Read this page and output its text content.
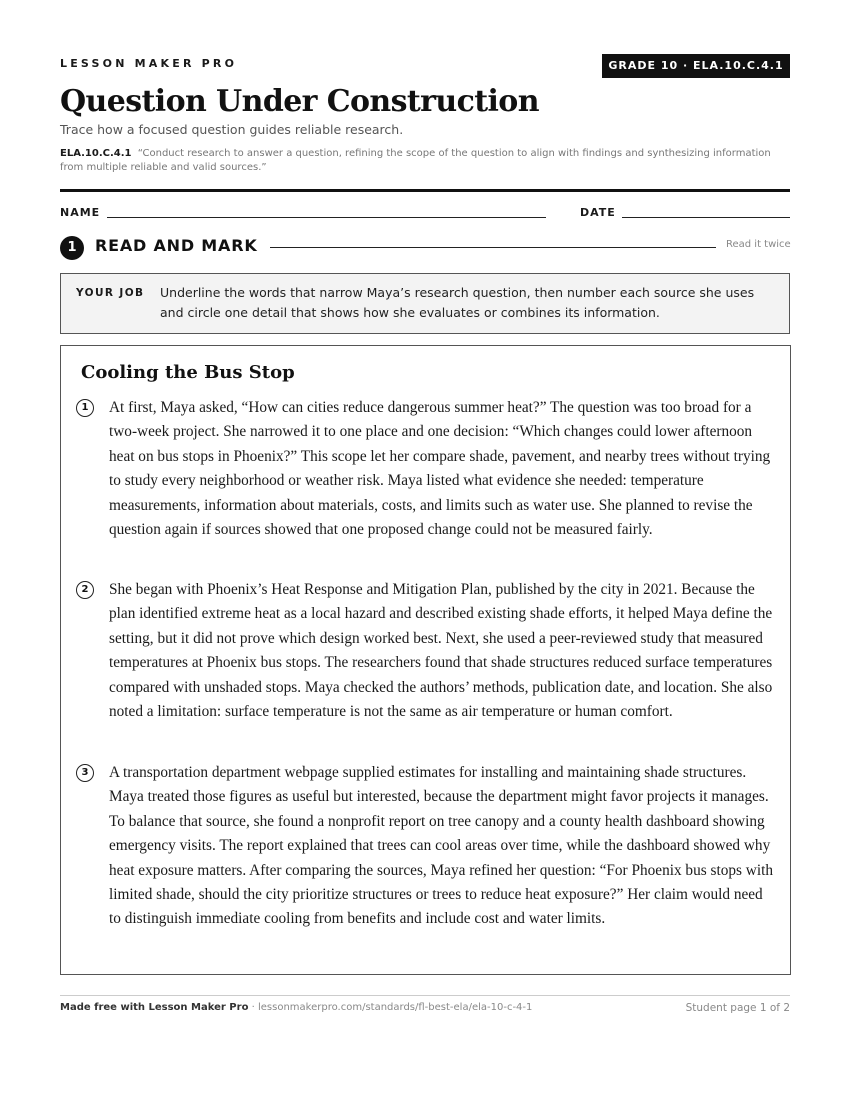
LESSON MAKER PRO	GRADE 10 · ELA.10.C.4.1
Question Under Construction
Trace how a focused question guides reliable research.
ELA.10.C.4.1 “Conduct research to answer a question, refining the scope of the question to align with findings and synthesizing information from multiple reliable and valid sources.”
NAME	DATE
1	READ AND MARK	Read it twice
YOUR JOB Underline the words that narrow Maya’s research question, then number each source she uses and circle one detail that shows how she evaluates or combines its information.
Cooling the Bus Stop
1	At first, Maya asked, “How can cities reduce dangerous summer heat?” The question was too broad for a two-week project. She narrowed it to one place and one decision: “Which changes could lower afternoon heat on bus stops in Phoenix?” This scope let her compare shade, pavement, and nearby trees without trying to study every neighborhood or weather risk. Maya listed what evidence she needed: temperature measurements, information about materials, costs, and limits such as water use. She planned to revise the question again if sources showed that one proposed change could not be measured fairly.
2	She began with Phoenix’s Heat Response and Mitigation Plan, published by the city in 2021. Because the plan identified extreme heat as a local hazard and described existing shade efforts, it helped Maya define the setting, but it did not prove which design worked best. Next, she used a peer-reviewed study that measured temperatures at Phoenix bus stops. The researchers found that shade structures reduced surface temperatures compared with unshaded stops. Maya checked the authors’ methods, publication date, and location. She also noted a limitation: surface temperature is not the same as air temperature or human comfort.
3	A transportation department webpage supplied estimates for installing and maintaining shade structures. Maya treated those figures as useful but interested, because the department might favor projects it manages. To balance that source, she found a nonprofit report on tree canopy and a county health dashboard showing emergency visits. The report explained that trees can cool areas over time, while the dashboard showed why heat exposure matters. After comparing the sources, Maya refined her question: “For Phoenix bus stops with limited shade, should the city prioritize structures or trees to reduce heat exposure?” Her claim would need to distinguish immediate cooling from benefits and include cost and water limits.
Made free with Lesson Maker Pro · lessonmakerpro.com/standards/fl-best-ela/ela-10-c-4-1	Student page 1 of 2
